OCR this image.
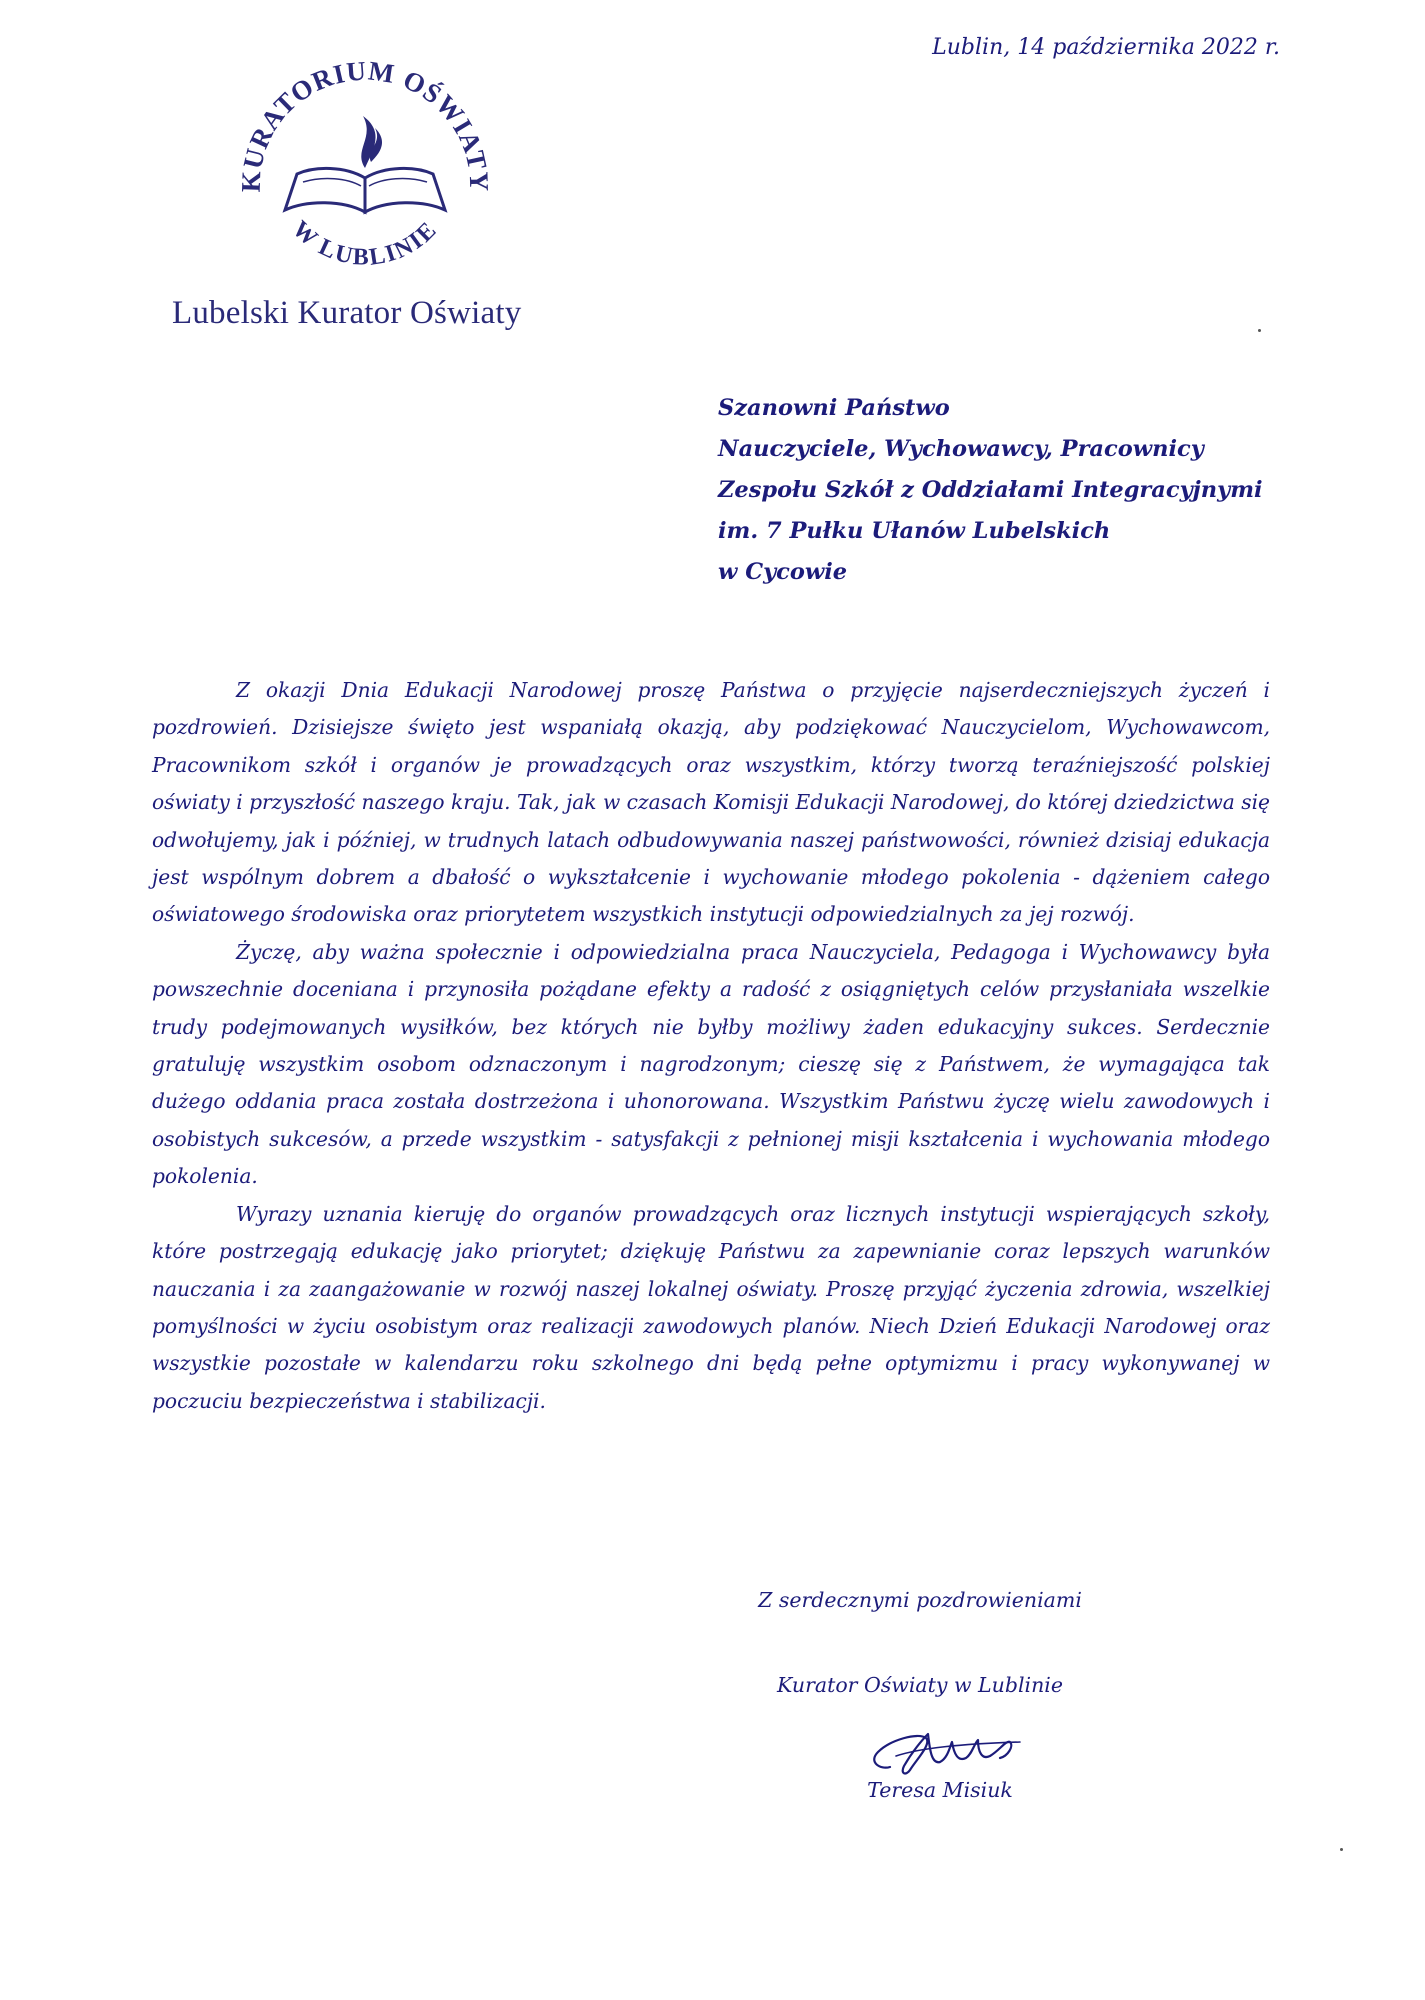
KURATORIUM OŚWIATY
W LUBLINIE
Lubelski Kurator Oświaty
Lublin, 14 października 2022 r.
Szanowni Państwo
Nauczyciele, Wychowawcy, Pracownicy
Zespołu Szkół z Oddziałami Integracyjnymi
im. 7 Pułku Ułanów Lubelskich
w Cycowie

Z okazji Dnia Edukacji Narodowej proszę Państwa o przyjęcie najserdeczniejszych życzeń i pozdrowień. Dzisiejsze święto jest wspaniałą okazją, aby podziękować Nauczycielom, Wychowawcom, Pracownikom szkół i organów je prowadzących oraz wszystkim, którzy tworzą teraźniejszość polskiej oświaty i przyszłość naszego kraju. Tak, jak w czasach Komisji Edukacji Narodowej, do której dziedzictwa się odwołujemy, jak i później, w trudnych latach odbudowywania naszej państwowości, również dzisiaj edukacja jest wspólnym dobrem a dbałość o wykształcenie i wychowanie młodego pokolenia - dążeniem całego oświatowego środowiska oraz priorytetem wszystkich instytucji odpowiedzialnych za jej rozwój.

Życzę, aby ważna społecznie i odpowiedzialna praca Nauczyciela, Pedagoga i Wychowawcy była powszechnie doceniana i przynosiła pożądane efekty a radość z osiągniętych celów przysłaniała wszelkie trudy podejmowanych wysiłków, bez których nie byłby możliwy żaden edukacyjny sukces. Serdecznie gratuluję wszystkim osobom odznaczonym i nagrodzonym; cieszę się z Państwem, że wymagająca tak dużego oddania praca została dostrzeżona i uhonorowana. Wszystkim Państwu życzę wielu zawodowych i osobistych sukcesów, a przede wszystkim - satysfakcji z pełnionej misji kształcenia i wychowania młodego pokolenia.

Wyrazy uznania kieruję do organów prowadzących oraz licznych instytucji wspierających szkoły, które postrzegają edukację jako priorytet; dziękuję Państwu za zapewnianie coraz lepszych warunków nauczania i za zaangażowanie w rozwój naszej lokalnej oświaty. Proszę przyjąć życzenia zdrowia, wszelkiej pomyślności w życiu osobistym oraz realizacji zawodowych planów. Niech Dzień Edukacji Narodowej oraz wszystkie pozostałe w kalendarzu roku szkolnego dni będą pełne optymizmu i pracy wykonywanej w poczuciu bezpieczeństwa i stabilizacji.

Z serdecznymi pozdrowieniami
Kurator Oświaty w Lublinie
Teresa Misiuk
